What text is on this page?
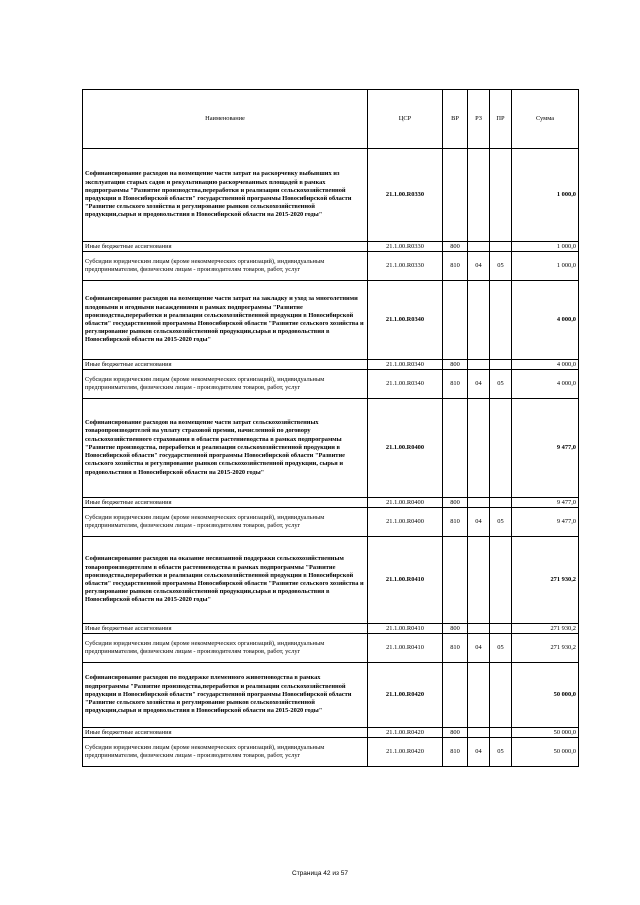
Наименование	ЦСР	ВР	РЗ	ПР	Сумма
Софинансирование расходов на возмещение части затрат на раскорчевку выбывших из эксплуатации старых садов и рекультивацию раскорчеванных площадей в рамках подпрограммы "Развитие производства,переработки и реализации сельскохозяйственной продукции в Новосибирской области" государственной программы Новосибирской области "Развитие сельского хозяйства и регулирование рынков сельскохозяйственной продукции,сырья и продовольствия в Новосибирской области на 2015-2020 годы"	21.1.00.R0330				1 000,0
Иные бюджетные ассигнования	21.1.00.R0330	800			1 000,0
Субсидии юридическим лицам (кроме некоммерческих организаций), индивидуальным предпринимателям, физическим лицам - производителям товаров, работ, услуг	21.1.00.R0330	810	04	05	1 000,0
Софинансирование расходов на возмещение части затрат на закладку и уход за многолетними плодовыми и ягодными насаждениями в рамках подпрограммы "Развитие производства,переработки и реализации сельскохозяйственной продукции в Новосибирской области" государственной программы Новосибирской области "Развитие сельского хозяйства и регулирование рынков сельскохозяйственной продукции,сырья и продовольствия в Новосибирской области на 2015-2020 годы"	21.1.00.R0340				4 000,0
Иные бюджетные ассигнования	21.1.00.R0340	800			4 000,0
Субсидии юридическим лицам (кроме некоммерческих организаций), индивидуальным предпринимателям, физическим лицам - производителям товаров, работ, услуг	21.1.00.R0340	810	04	05	4 000,0
Софинансирование расходов на возмещение части затрат сельскохозяйственных товаропроизводителей на уплату страховой премии, начисленной по договору сельскохозяйственного страхования в области растениеводства в рамках подпрограммы "Развитие производства, переработки и реализации сельскохозяйственной продукции в Новосибирской области" государственной программы Новосибирской области "Развитие сельского хозяйства и регулирование рынков сельскохозяйственной продукции, сырья и продовольствия в Новосибирской области на 2015-2020 годы"	21.1.00.R0400				9 477,0
Иные бюджетные ассигнования	21.1.00.R0400	800			9 477,0
Субсидии юридическим лицам (кроме некоммерческих организаций), индивидуальным предпринимателям, физическим лицам - производителям товаров, работ, услуг	21.1.00.R0400	810	04	05	9 477,0
Софинансирование расходов на оказание несвязанной поддержки сельскохозяйственным товаропроизводителям в области растениеводства в рамках подпрограммы "Развитие производства,переработки и реализации сельскохозяйственной продукции в Новосибирской области" государственной программы Новосибирской области "Развитие сельского хозяйства и регулирование рынков сельскохозяйственной продукции,сырья и продовольствия в Новосибирской области на 2015-2020 годы"	21.1.00.R0410				271 930,2
Иные бюджетные ассигнования	21.1.00.R0410	800			271 930,2
Субсидии юридическим лицам (кроме некоммерческих организаций), индивидуальным предпринимателям, физическим лицам - производителям товаров, работ, услуг	21.1.00.R0410	810	04	05	271 930,2
Софинансирование расходов по поддержке племенного животноводства в рамках подпрограммы "Развитие производства,переработки и реализации сельскохозяйственной продукции в Новосибирской области" государственной программы Новосибирской области "Развитие сельского хозяйства и регулирование рынков сельскохозяйственной продукции,сырья и продовольствия в Новосибирской области на 2015-2020 годы"	21.1.00.R0420				50 000,0
Иные бюджетные ассигнования	21.1.00.R0420	800			50 000,0
Субсидии юридическим лицам (кроме некоммерческих организаций), индивидуальным предпринимателям, физическим лицам - производителям товаров, работ, услуг	21.1.00.R0420	810	04	05	50 000,0
Страница 42 из 57
